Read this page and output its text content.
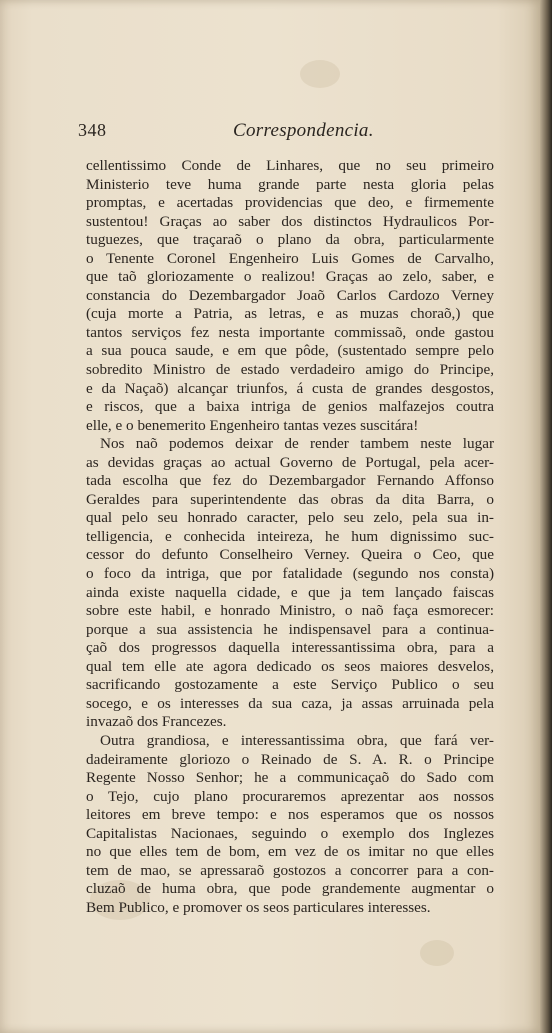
348	Correspondencia.
cellentissimo Conde de Linhares, que no seu primeiro
Ministerio teve huma grande parte nesta gloria pelas
promptas, e acertadas providencias que deo, e firmemente
sustentou! Graças ao saber dos distinctos Hydraulicos Por-
tuguezes, que traçaraõ o plano da obra, particularmente
o Tenente Coronel Engenheiro Luis Gomes de Carvalho,
que taõ gloriozamente o realizou! Graças ao zelo, saber, e
constancia do Dezembargador Joaõ Carlos Cardozo Verney
(cuja morte a Patria, as letras, e as muzas choraõ,) que
tantos serviços fez nesta importante commissaõ, onde gastou
a sua pouca saude, e em que pôde, (sustentado sempre pelo
sobredito Ministro de estado verdadeiro amigo do Principe,
e da Naçaõ) alcançar triunfos, á custa de grandes desgostos,
e riscos, que a baixa intriga de genios malfazejos coutra
elle, e o benemerito Engenheiro tantas vezes suscitára!
Nos naõ podemos deixar de render tambem neste lugar
as devidas graças ao actual Governo de Portugal, pela acer-
tada escolha que fez do Dezembargador Fernando Affonso
Geraldes para superintendente das obras da dita Barra, o
qual pelo seu honrado caracter, pelo seu zelo, pela sua in-
telligencia, e conhecida inteireza, he hum dignissimo suc-
cessor do defunto Conselheiro Verney. Queira o Ceo, que
o foco da intriga, que por fatalidade (segundo nos consta)
ainda existe naquella cidade, e que ja tem lançado faiscas
sobre este habil, e honrado Ministro, o naõ faça esmorecer:
porque a sua assistencia he indispensavel para a continua-
çaõ dos progressos daquella interessantissima obra, para a
qual tem elle ate agora dedicado os seos maiores desvelos,
sacrificando gostozamente a este Serviço Publico o seu
socego, e os interesses da sua caza, ja assas arruinada pela
invazaõ dos Francezes.
Outra grandiosa, e interessantissima obra, que fará ver-
dadeiramente gloriozo o Reinado de S. A. R. o Principe
Regente Nosso Senhor; he a communicaçaõ do Sado com
o Tejo, cujo plano procuraremos aprezentar aos nossos
leitores em breve tempo: e nos esperamos que os nossos
Capitalistas Nacionaes, seguindo o exemplo dos Inglezes
no que elles tem de bom, em vez de os imitar no que elles
tem de mao, se apressaraõ gostozos a concorrer para a con-
cluzaõ de huma obra, que pode grandemente augmentar o
Bem Publico, e promover os seos particulares interesses.
